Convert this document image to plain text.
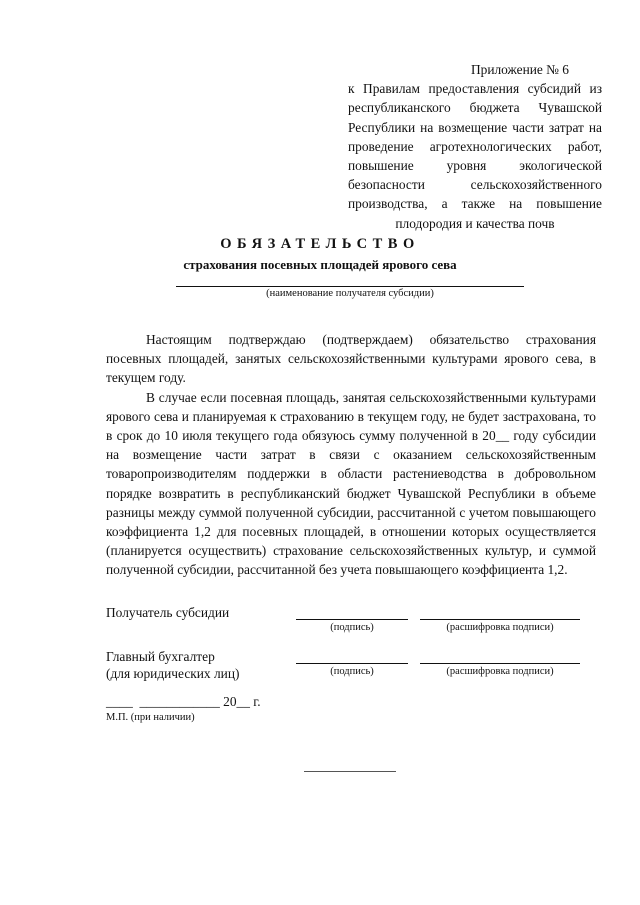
Приложение № 6
к Правилам предоставления субсидий из республиканского бюджета Чувашской Республики на возмещение части затрат на проведение агротехнологических работ, повышение уровня экологической безопасности сельскохозяйственного производства, а также на повышение плодородия и качества почв
ОБЯЗАТЕЛЬСТВО
страхования посевных площадей ярового сева
(наименование получателя субсидии)

Настоящим подтверждаю (подтверждаем) обязательство страхования посевных площадей, занятых сельскохозяйственными культурами ярового сева, в текущем году.

В случае если посевная площадь, занятая сельскохозяйственными культурами ярового сева и планируемая к страхованию в текущем году, не будет застрахована, то в срок до 10 июля текущего года обязуюсь сумму полученной в 20__ году субсидии на возмещение части затрат в связи с оказанием сельскохозяйственным товаропроизводителям поддержки в области растениеводства в добровольном порядке возвратить в республиканский бюджет Чувашской Республики в объеме разницы между суммой полученной субсидии, рассчитанной с учетом повышающего коэффициента 1,2 для посевных площадей, в отношении которых осуществляется (планируется осуществить) страхование сельскохозяйственных культур, и суммой полученной субсидии, рассчитанной без учета повышающего коэффициента 1,2.

Получатель субсидии
(подпись)	(расшифровка подписи)
Главный бухгалтер
(для юридических лиц)	(подпись)	(расшифровка подписи)
____  ____________ 20__ г.
М.П. (при наличии)
